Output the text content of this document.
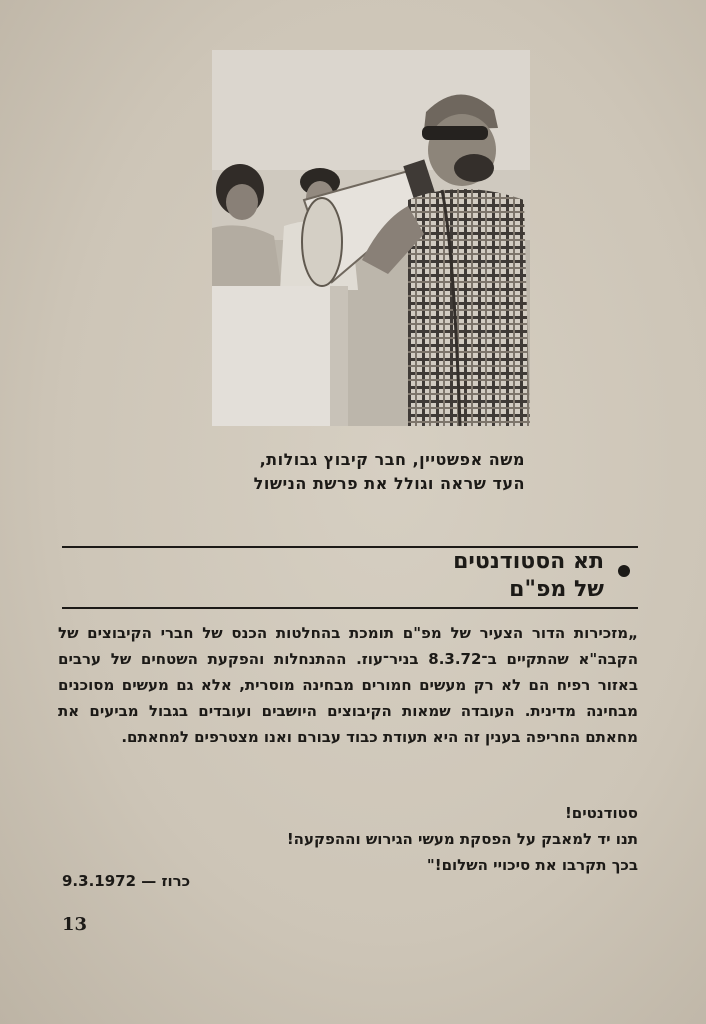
משה אפשטיין, חבר קיבוץ גבולות,
העד שראה וגולל את פרשת הנישול
תא הסטודנטים
של מפ"ם

„מזכירות הדור הצעיר של מפ"ם תומכת בהחלטות הכנס של חברי הקיבוצים של הקבה"א שהתקיים ב־8.3.72 בניר־עוז. ההתנחלות והפקעת השטחים של ערבים באזור רפיח הם לא רק מעשים חמורים מבחינה מוסרית, אלא גם מעשים מסוכנים מבחינה מדינית. העובדה שמאות הקיבוצים היושבים ועובדים בגבול מביעים את מחאתם החריפה בענין זה היא תעודת כבוד עבורם ואנו מצטרפים למחאתם.

סטודנטים!
תנו יד למאבק על הפסקת מעשי הגירוש וההפקעה!
בכך תקרבו את סיכויי השלום!"
כרוז — 9.3.1972
13
